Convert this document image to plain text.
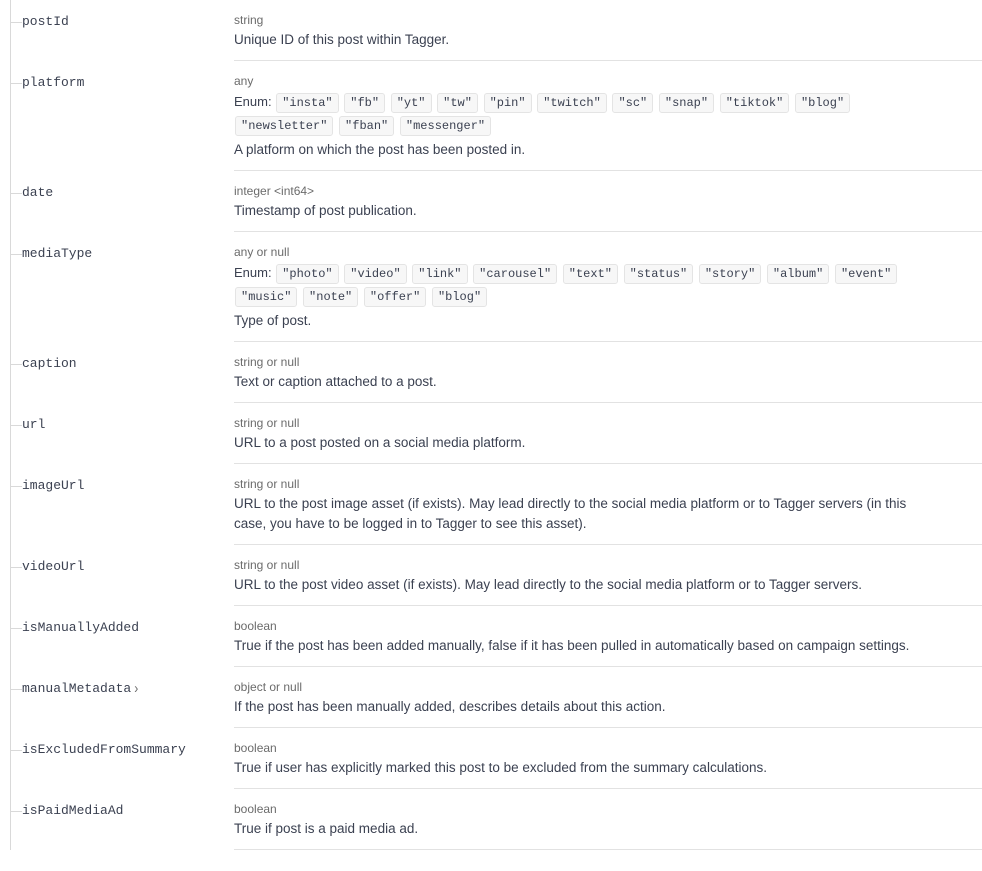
postId	string
Unique ID of this post within Tagger.
platform	any
Enum: "insta" "fb" "yt" "tw" "pin" "twitch" "sc" "snap" "tiktok" "blog" "newsletter" "fban" "messenger"
A platform on which the post has been posted in.
date	integer <int64>
Timestamp of post publication.
mediaType	any or null
Enum: "photo" "video" "link" "carousel" "text" "status" "story" "album" "event" "music" "note" "offer" "blog"
Type of post.
caption	string or null
Text or caption attached to a post.
url	string or null
URL to a post posted on a social media platform.
imageUrl	string or null
URL to the post image asset (if exists). May lead directly to the social media platform or to Tagger servers (in this case, you have to be logged in to Tagger to see this asset).
videoUrl	string or null
URL to the post video asset (if exists). May lead directly to the social media platform or to Tagger servers.
isManuallyAdded	boolean
True if the post has been added manually, false if it has been pulled in automatically based on campaign settings.
manualMetadata ›	object or null
If the post has been manually added, describes details about this action.
isExcludedFromSummary	boolean
True if user has explicitly marked this post to be excluded from the summary calculations.
isPaidMediaAd	boolean
True if post is a paid media ad.
